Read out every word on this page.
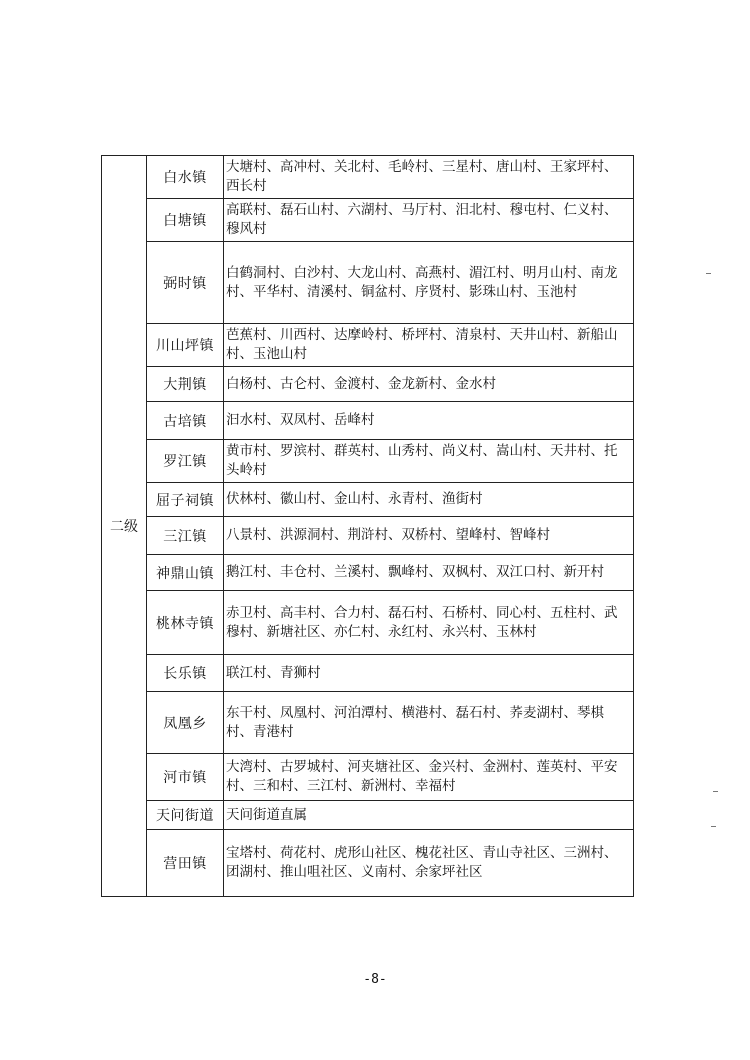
二级	白水镇	大塘村、高冲村、关北村、毛岭村、三星村、唐山村、王家坪村、西长村
	白塘镇	高联村、磊石山村、六湖村、马厅村、汨北村、穆屯村、仁义村、穆风村
	弼时镇	白鹤洞村、白沙村、大龙山村、高燕村、湄江村、明月山村、南龙村、平华村、清溪村、铜盆村、序贤村、影珠山村、玉池村
	川山坪镇	芭蕉村、川西村、达摩岭村、桥坪村、清泉村、天井山村、新船山村、玉池山村
	大荆镇	白杨村、古仑村、金渡村、金龙新村、金水村
	古培镇	汩水村、双凤村、岳峰村
	罗江镇	黄市村、罗滨村、群英村、山秀村、尚义村、嵩山村、天井村、托头岭村
	屈子祠镇	伏林村、徽山村、金山村、永青村、渔街村
	三江镇	八景村、洪源洞村、荆浒村、双桥村、望峰村、智峰村
	神鼎山镇	鹅江村、丰仓村、兰溪村、飘峰村、双枫村、双江口村、新开村
	桃林寺镇	赤卫村、高丰村、合力村、磊石村、石桥村、同心村、五柱村、武穆村、新塘社区、亦仁村、永红村、永兴村、玉林村
	长乐镇	联江村、青狮村
	凤凰乡	东干村、凤凰村、河泊潭村、横港村、磊石村、荞麦湖村、琴棋村、青港村
	河市镇	大湾村、古罗城村、河夹塘社区、金兴村、金洲村、莲英村、平安村、三和村、三江村、新洲村、幸福村
	天问街道	天问街道直属
	营田镇	宝塔村、荷花村、虎形山社区、槐花社区、青山寺社区、三洲村、团湖村、推山咀社区、义南村、余家坪社区
-8-
